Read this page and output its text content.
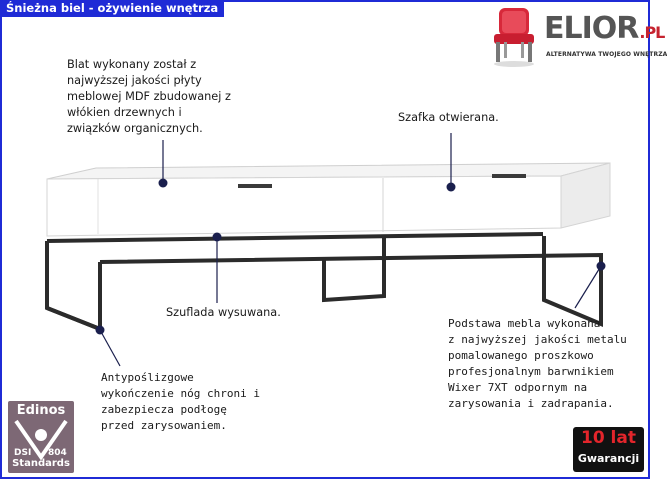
Śnieżna biel - ożywienie wnętrza
ELIOR.PL
ALTERNATYWA TWOJEGO WNĘTRZA
Blat wykonany został z
najwyższej jakości płyty
meblowej MDF zbudowanej z
włókien drzewnych i
związków organicznych.
Szafka otwierana.
Szuflada wysuwana.
Podstawa mebla wykonana
z najwyższej jakości metalu
pomalowanego proszkowo
profesjonalnym barwnikiem
Wixer 7XT odpornym na
zarysowania i zadrapania.
Antypoślizgowe
wykończenie nóg chroni i
zabezpiecza podłogę
przed zarysowaniem.
Edinos
DSI 804
Standards
10 lat
Gwarancji
